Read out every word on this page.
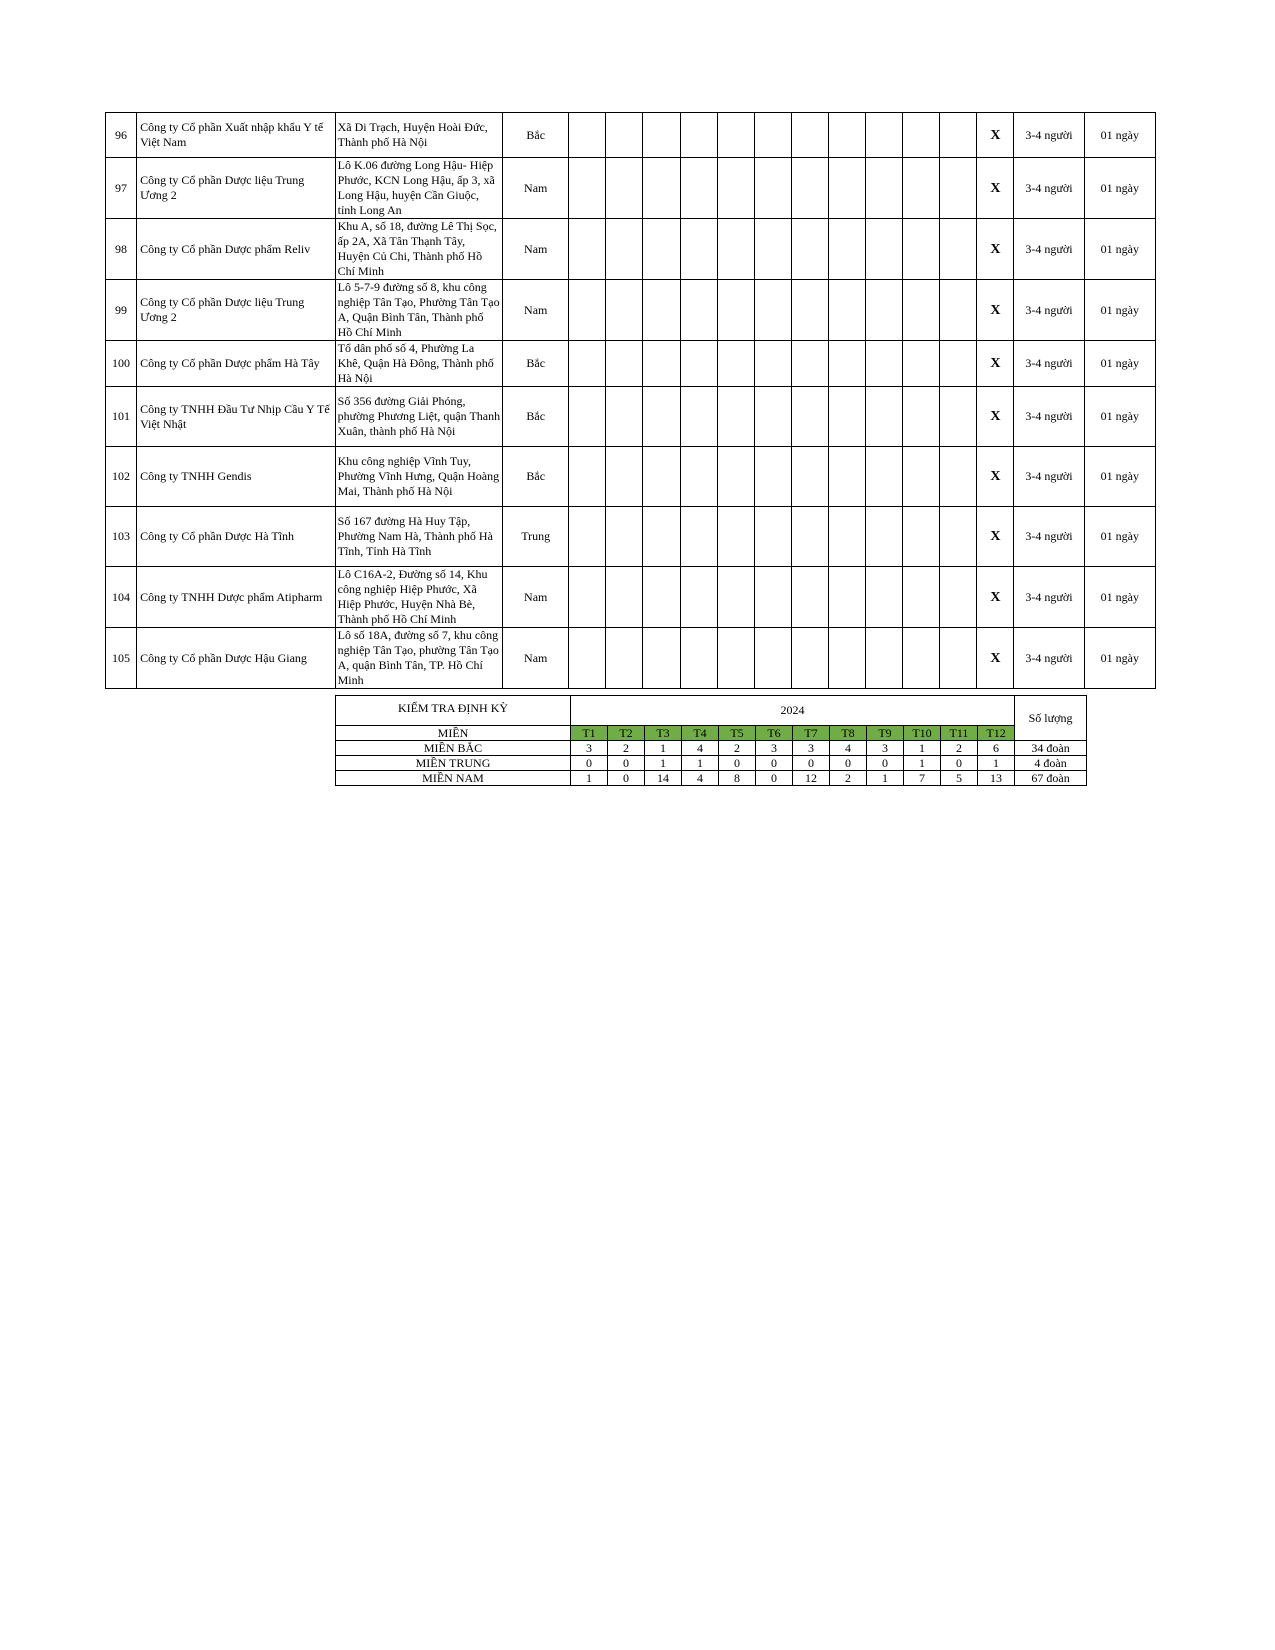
96	Công ty Cổ phần Xuất nhập khẩu Y tế Việt Nam	Xã Di Trạch, Huyện Hoài Đức, Thành phố Hà Nội	Bắc												X	3-4 người	01 ngày
97	Công ty Cổ phần Dược liệu Trung Ương 2	Lô K.06 đường Long Hậu- Hiệp Phước, KCN Long Hậu, ấp 3, xã Long Hậu, huyện Cần Giuộc, tỉnh Long An	Nam												X	3-4 người	01 ngày
98	Công ty Cổ phần Dược phẩm Reliv	Khu A, số 18, đường Lê Thị Sọc, ấp 2A, Xã Tân Thạnh Tây, Huyện Củ Chi, Thành phố Hồ Chí Minh	Nam												X	3-4 người	01 ngày
99	Công ty Cổ phần Dược liệu Trung Ương 2	Lô 5-7-9 đường số 8, khu công nghiệp Tân Tạo, Phường Tân Tạo A, Quận Bình Tân, Thành phố Hồ Chí Minh	Nam												X	3-4 người	01 ngày
100	Công ty Cổ phần Dược phẩm Hà Tây	Tổ dân phố số 4, Phường La Khê, Quận Hà Đông, Thành phố Hà Nội	Bắc												X	3-4 người	01 ngày
101	Công ty TNHH Đầu Tư Nhịp Cầu Y Tế Việt Nhật	Số 356 đường Giải Phóng, phường Phương Liệt, quận Thanh Xuân, thành phố Hà Nội	Bắc												X	3-4 người	01 ngày
102	Công ty TNHH Gendis	Khu công nghiệp Vĩnh Tuy, Phường Vĩnh Hưng, Quận Hoàng Mai, Thành phố Hà Nội	Bắc												X	3-4 người	01 ngày
103	Công ty Cổ phần Dược Hà Tĩnh	Số 167 đường Hà Huy Tập, Phường Nam Hà, Thành phố Hà Tĩnh, Tỉnh Hà Tĩnh	Trung												X	3-4 người	01 ngày
104	Công ty TNHH Dược phẩm Atipharm	Lô C16A-2, Đường số 14, Khu công nghiệp Hiệp Phước, Xã Hiệp Phước, Huyện Nhà Bè, Thành phố Hồ Chí Minh	Nam												X	3-4 người	01 ngày
105	Công ty Cổ phần Dược Hậu Giang	Lô số 18A, đường số 7, khu công nghiệp Tân Tạo, phường Tân Tạo A, quận Bình Tân, TP. Hồ Chí Minh	Nam												X	3-4 người	01 ngày
KIỂM TRA ĐỊNH KỲ	2024												Số lượng
MIỀN	T1	T2	T3	T4	T5	T6	T7	T8	T9	T10	T11	T12	
MIỀN BẮC	3	2	1	4	2	3	3	4	3	1	2	6	34 đoàn
MIỀN TRUNG	0	0	1	1	0	0	0	0	0	1	0	1	4 đoàn
MIỀN NAM	1	0	14	4	8	0	12	2	1	7	5	13	67 đoàn
